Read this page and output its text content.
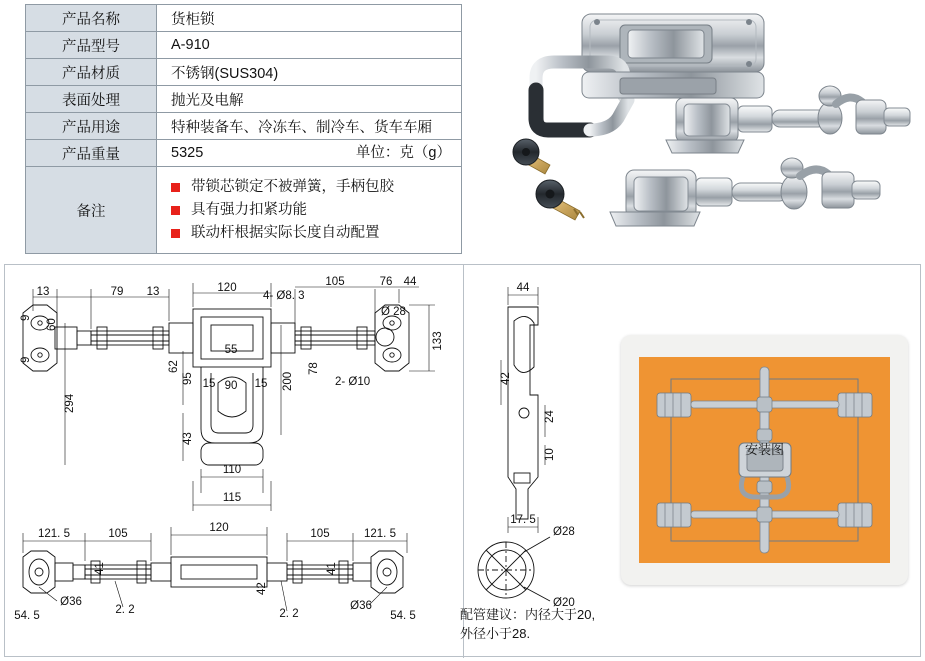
产品名称	货柜锁
产品型号	A-910
产品材质	不锈钢(SUS304)
表面处理	抛光及电解
产品用途	特种装备车、冷冻车、制冷车、货车车厢
产品重量	5325 单位：克（g）

备注	
带锁芯锁定不被弹簧，手柄包胶
具有强力扣紧功能
联动杆根据实际长度自动配置
安装图
配管建议：内径大于20,
外径小于28.
13	79 13	120
4- Ø8. 3
105	76 44
Ø 28
133
9
60
9
294
62
95
43
15 90 15
55
200
78
2- Ø10
110
115
44
42
24
10
17. 5
Ø28
Ø20
121. 5	105	120	105	121. 5
41	41
42
2. 2	2. 2
Ø36	Ø36
54. 5	54. 5
